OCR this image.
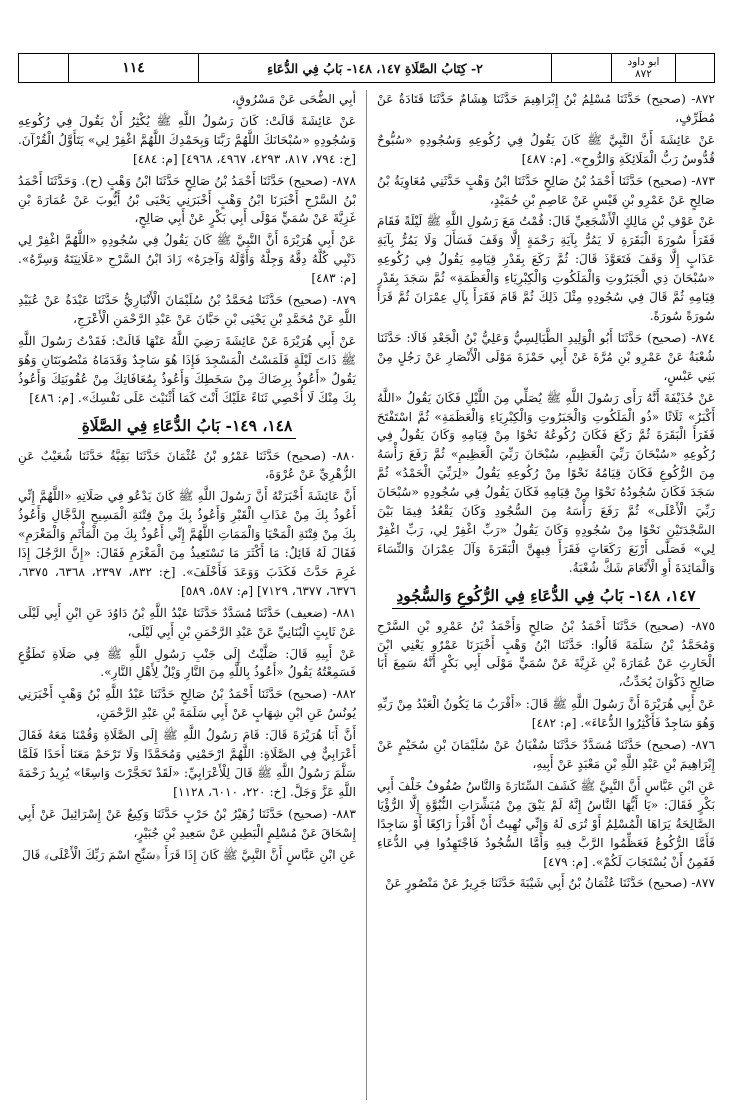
١١٤	٢- كِتَابُ الصَّلَاةِ ١٤٧، ١٤٨- بَابُ فِي الدُّعَاءِ	ابو داود
٨٧٢

٨٧٢- (صحيح) حَدَّثَنَا مُسْلِمُ بْنُ إِبْرَاهِيمَ حَدَّثَنَا هِشَامٌ حَدَّثَنَا قَتَادَةُ عَنْ مُطَرِّفٍ،

عَنْ عَائِشَةَ أَنَّ النَّبِيَّ ﷺ كَانَ يَقُولُ فِي رُكُوعِهِ وَسُجُودِهِ «سُبُّوحٌ قُدُّوسٌ رَبُّ الْمَلَائِكَةِ وَالرُّوحِ». [م: ٤٨٧]

٨٧٣- (صحيح) حَدَّثَنَا أَحْمَدُ بْنُ صَالِحٍ حَدَّثَنَا ابْنُ وَهْبٍ حَدَّثَنِي مُعَاوِيَةُ بْنُ صَالِحٍ عَنْ عَمْرِو بْنِ قَيْسٍ عَنْ عَاصِمِ بْنِ حُمَيْدٍ،

عَنْ عَوْفِ بْنِ مَالِكٍ الْأَشْجَعِيِّ قَالَ: قُمْتُ مَعَ رَسُولِ اللَّهِ ﷺ لَيْلَةً فَقَامَ فَقَرَأَ سُورَةَ الْبَقَرَةِ لَا يَمُرُّ بِآيَةِ رَحْمَةٍ إِلَّا وَقَفَ فَسَأَلَ وَلَا يَمُرُّ بِآيَةِ عَذَابٍ إِلَّا وَقَفَ فَتَعَوَّذَ قَالَ: ثُمَّ رَكَعَ بِقَدْرِ قِيَامِهِ يَقُولُ فِي رُكُوعِهِ «سُبْحَانَ ذِي الْجَبَرُوتِ وَالْمَلَكُوتِ وَالْكِبْرِيَاءِ وَالْعَظَمَةِ» ثُمَّ سَجَدَ بِقَدْرِ قِيَامِهِ ثُمَّ قَالَ فِي سُجُودِهِ مِثْلَ ذَلِكَ ثُمَّ قَامَ فَقَرَأَ بِآلِ عِمْرَانَ ثُمَّ قَرَأَ سُورَةً سُورَةً.

٨٧٤- (صحيح) حَدَّثَنَا أَبُو الْوَلِيدِ الطَّيَالِسِيُّ وَعَلِيُّ بْنُ الْجَعْدِ قَالَا: حَدَّثَنَا شُعْبَةُ عَنْ عَمْرِو بْنِ مُرَّةَ عَنْ أَبِي حَمْزَةَ مَوْلَى الْأَنْصَارِ عَنْ رَجُلٍ مِنْ بَنِي عَبْسٍ،

عَنْ حُذَيْفَةَ أَنَّهُ رَأَى رَسُولَ اللَّهِ ﷺ يُصَلِّي مِنَ اللَّيْلِ فَكَانَ يَقُولُ «اللَّهُ أَكْبَرُ» ثَلَاثًا «ذُو الْمَلَكُوتِ وَالْجَبَرُوتِ وَالْكِبْرِيَاءِ وَالْعَظَمَةِ» ثُمَّ اسْتَفْتَحَ فَقَرَأَ الْبَقَرَةَ ثُمَّ رَكَعَ فَكَانَ رُكُوعُهُ نَحْوًا مِنْ قِيَامِهِ وَكَانَ يَقُولُ فِي رُكُوعِهِ «سُبْحَانَ رَبِّيَ الْعَظِيمِ، سُبْحَانَ رَبِّيَ الْعَظِيمِ» ثُمَّ رَفَعَ رَأْسَهُ مِنَ الرُّكُوعِ فَكَانَ قِيَامُهُ نَحْوًا مِنْ رُكُوعِهِ يَقُولُ «لِرَبِّيَ الْحَمْدُ» ثُمَّ سَجَدَ فَكَانَ سُجُودُهُ نَحْوًا مِنْ قِيَامِهِ فَكَانَ يَقُولُ فِي سُجُودِهِ «سُبْحَانَ رَبِّيَ الْأَعْلَى» ثُمَّ رَفَعَ رَأْسَهُ مِنَ السُّجُودِ وَكَانَ يَقْعُدُ فِيمَا بَيْنَ السَّجْدَتَيْنِ نَحْوًا مِنْ سُجُودِهِ وَكَانَ يَقُولُ «رَبِّ اغْفِرْ لِي، رَبِّ اغْفِرْ لِي» فَصَلَّى أَرْبَعَ رَكَعَاتٍ فَقَرَأَ فِيهِنَّ الْبَقَرَةَ وَآلَ عِمْرَانَ وَالنِّسَاءَ وَالْمَائِدَةَ أَوِ الْأَنْعَامَ شَكَّ شُعْبَةُ.

١٤٧، ١٤٨- بَابُ فِي الدُّعَاءِ فِي الرُّكُوعِ وَالسُّجُودِ

٨٧٥- (صحيح) حَدَّثَنَا أَحْمَدُ بْنُ صَالِحٍ وَأَحْمَدُ بْنُ عَمْرِو بْنِ السَّرْحِ وَمُحَمَّدُ بْنُ سَلَمَةَ قَالُوا: حَدَّثَنَا ابْنُ وَهْبٍ أَخْبَرَنَا عَمْرٌو يَعْنِي ابْنَ الْحَارِثِ عَنْ عُمَارَةَ بْنِ غَزِيَّةَ عَنْ سُمَيٍّ مَوْلَى أَبِي بَكْرٍ أَنَّهُ سَمِعَ أَبَا صَالِحٍ ذَكْوَانَ يُحَدِّثُ،

عَنْ أَبِي هُرَيْرَةَ أَنَّ رَسُولَ اللَّهِ ﷺ قَالَ: «أَقْرَبُ مَا يَكُونُ الْعَبْدُ مِنْ رَبِّهِ وَهُوَ سَاجِدٌ فَأَكْثِرُوا الدُّعَاءَ». [م: ٤٨٢]

٨٧٦- (صحيح) حَدَّثَنَا مُسَدَّدٌ حَدَّثَنَا سُفْيَانُ عَنْ سُلَيْمَانَ بْنِ سُحَيْمٍ عَنْ إِبْرَاهِيمَ بْنِ عَبْدِ اللَّهِ بْنِ مَعْبَدٍ عَنْ أَبِيهِ،

عَنِ ابْنِ عَبَّاسٍ أَنَّ النَّبِيَّ ﷺ كَشَفَ السِّتَارَةَ وَالنَّاسُ صُفُوفٌ خَلْفَ أَبِي بَكْرٍ فَقَالَ: «يَا أَيُّهَا النَّاسُ إِنَّهُ لَمْ يَبْقَ مِنْ مُبَشِّرَاتِ النُّبُوَّةِ إِلَّا الرُّؤْيَا الصَّالِحَةُ يَرَاهَا الْمُسْلِمُ أَوْ تُرَى لَهُ وَإِنِّي نُهِيتُ أَنْ أَقْرَأَ رَاكِعًا أَوْ سَاجِدًا فَأَمَّا الرُّكُوعُ فَعَظِّمُوا الرَّبَّ فِيهِ وَأَمَّا السُّجُودُ فَاجْتَهِدُوا فِي الدُّعَاءِ فَقَمِنٌ أَنْ يُسْتَجَابَ لَكُمْ». [م: ٤٧٩]

٨٧٧- (صحيح) حَدَّثَنَا عُثْمَانُ بْنُ أَبِي شَيْبَةَ حَدَّثَنَا جَرِيرٌ عَنْ مَنْصُورٍ عَنْ

أَبِي الضُّحَى عَنْ مَسْرُوقٍ،

عَنْ عَائِشَةَ قَالَتْ: كَانَ رَسُولُ اللَّهِ ﷺ يُكْثِرُ أَنْ يَقُولَ فِي رُكُوعِهِ وَسُجُودِهِ «سُبْحَانَكَ اللَّهُمَّ رَبَّنَا وَبِحَمْدِكَ اللَّهُمَّ اغْفِرْ لِي» يَتَأَوَّلُ الْقُرْآنَ. [خ: ٧٩٤، ٨١٧، ٤٢٩٣، ٤٩٦٧، ٤٩٦٨] [م: ٤٨٤]

٨٧٨- (صحيح) حَدَّثَنَا أَحْمَدُ بْنُ صَالِحٍ حَدَّثَنَا ابْنُ وَهْبٍ (ح). وَحَدَّثَنَا أَحْمَدُ بْنُ السَّرْحِ أَخْبَرَنَا ابْنُ وَهْبٍ أَخْبَرَنِي يَحْيَى بْنُ أَيُّوبَ عَنْ عُمَارَةَ بْنِ غَزِيَّةَ عَنْ سُمَيٍّ مَوْلَى أَبِي بَكْرٍ عَنْ أَبِي صَالِحٍ،

عَنْ أَبِي هُرَيْرَةَ أَنَّ النَّبِيَّ ﷺ كَانَ يَقُولُ فِي سُجُودِهِ «اللَّهُمَّ اغْفِرْ لِي ذَنْبِي كُلَّهُ دِقَّهُ وَجِلَّهُ وَأَوَّلَهُ وَآخِرَهُ» زَادَ ابْنُ السَّرْحِ «عَلَانِيَتَهُ وَسِرَّهُ». [م: ٤٨٣]

٨٧٩- (صحيح) حَدَّثَنَا مُحَمَّدُ بْنُ سُلَيْمَانَ الْأَنْبَارِيُّ حَدَّثَنَا عَبْدَةُ عَنْ عُبَيْدِ اللَّهِ عَنْ مُحَمَّدِ بْنِ يَحْيَى بْنِ حَبَّانَ عَنْ عَبْدِ الرَّحْمَنِ الْأَعْرَجِ،

عَنْ أَبِي هُرَيْرَةَ عَنْ عَائِشَةَ رَضِيَ اللَّهُ عَنْهَا قَالَتْ: فَقَدْتُ رَسُولَ اللَّهِ ﷺ ذَاتَ لَيْلَةٍ فَلَمَسْتُ الْمَسْجِدَ فَإِذَا هُوَ سَاجِدٌ وَقَدَمَاهُ مَنْصُوبَتَانِ وَهُوَ يَقُولُ «أَعُوذُ بِرِضَاكَ مِنْ سَخَطِكَ وَأَعُوذُ بِمُعَافَاتِكَ مِنْ عُقُوبَتِكَ وَأَعُوذُ بِكَ مِنْكَ لَا أُحْصِي ثَنَاءً عَلَيْكَ أَنْتَ كَمَا أَثْنَيْتَ عَلَى نَفْسِكَ». [م: ٤٨٦]

١٤٨، ١٤٩- بَابُ الدُّعَاءِ فِي الصَّلَاةِ

٨٨٠- (صحيح) حَدَّثَنَا عَمْرُو بْنُ عُثْمَانَ حَدَّثَنَا بَقِيَّةُ حَدَّثَنَا شُعَيْبٌ عَنِ الزُّهْرِيِّ عَنْ عُرْوَةَ،

أَنَّ عَائِشَةَ أَخْبَرَتْهُ أَنَّ رَسُولَ اللَّهِ ﷺ كَانَ يَدْعُو فِي صَلَاتِهِ «اللَّهُمَّ إِنِّي أَعُوذُ بِكَ مِنْ عَذَابِ الْقَبْرِ وَأَعُوذُ بِكَ مِنْ فِتْنَةِ الْمَسِيحِ الدَّجَّالِ وَأَعُوذُ بِكَ مِنْ فِتْنَةِ الْمَحْيَا وَالْمَمَاتِ اللَّهُمَّ إِنِّي أَعُوذُ بِكَ مِنَ الْمَأْثَمِ وَالْمَغْرَمِ» فَقَالَ لَهُ قَائِلٌ: مَا أَكْثَرَ مَا تَسْتَعِيذُ مِنَ الْمَغْرَمِ فَقَالَ: «إِنَّ الرَّجُلَ إِذَا غَرِمَ حَدَّثَ فَكَذَبَ وَوَعَدَ فَأَخْلَفَ». [خ: ٨٣٢، ٢٣٩٧، ٦٣٦٨، ٦٣٧٥، ٦٣٧٦، ٦٣٧٧، ٧١٢٩] [م: ٥٨٧، ٥٨٩]

٨٨١- (ضعيف) حَدَّثَنَا مُسَدَّدٌ حَدَّثَنَا عَبْدُ اللَّهِ بْنُ دَاوُدَ عَنِ ابْنِ أَبِي لَيْلَى عَنْ ثَابِتٍ الْبُنَانِيِّ عَنْ عَبْدِ الرَّحْمَنِ بْنِ أَبِي لَيْلَى،

عَنْ أَبِيهِ قَالَ: صَلَّيْتُ إِلَى جَنْبِ رَسُولِ اللَّهِ ﷺ فِي صَلَاةِ تَطَوُّعٍ فَسَمِعْتُهُ يَقُولُ «أَعُوذُ بِاللَّهِ مِنَ النَّارِ وَيْلٌ لِأَهْلِ النَّارِ».

٨٨٢- (صحيح) حَدَّثَنَا أَحْمَدُ بْنُ صَالِحٍ حَدَّثَنَا عَبْدُ اللَّهِ بْنُ وَهْبٍ أَخْبَرَنِي يُونُسُ عَنِ ابْنِ شِهَابٍ عَنْ أَبِي سَلَمَةَ بْنِ عَبْدِ الرَّحْمَنِ،

أَنَّ أَبَا هُرَيْرَةَ قَالَ: قَامَ رَسُولُ اللَّهِ ﷺ إِلَى الصَّلَاةِ وَقُمْنَا مَعَهُ فَقَالَ أَعْرَابِيٌّ فِي الصَّلَاةِ: اللَّهُمَّ ارْحَمْنِي وَمُحَمَّدًا وَلَا تَرْحَمْ مَعَنَا أَحَدًا فَلَمَّا سَلَّمَ رَسُولُ اللَّهِ ﷺ قَالَ لِلْأَعْرَابِيِّ: «لَقَدْ تَحَجَّرْتَ وَاسِعًا» يُرِيدُ رَحْمَةَ اللَّهِ عَزَّ وَجَلَّ. [خ: ٢٢٠، ٦٠١٠، ١١٢٨]

٨٨٣- (صحيح) حَدَّثَنَا زُهَيْرُ بْنُ حَرْبٍ حَدَّثَنَا وَكِيعٌ عَنْ إِسْرَائِيلَ عَنْ أَبِي إِسْحَاقَ عَنْ مُسْلِمٍ الْبَطِينِ عَنْ سَعِيدِ بْنِ جُبَيْرٍ،

عَنِ ابْنِ عَبَّاسٍ أَنَّ النَّبِيَّ ﷺ كَانَ إِذَا قَرَأَ ﴿سَبِّحِ اسْمَ رَبِّكَ الْأَعْلَى﴾ قَالَ
